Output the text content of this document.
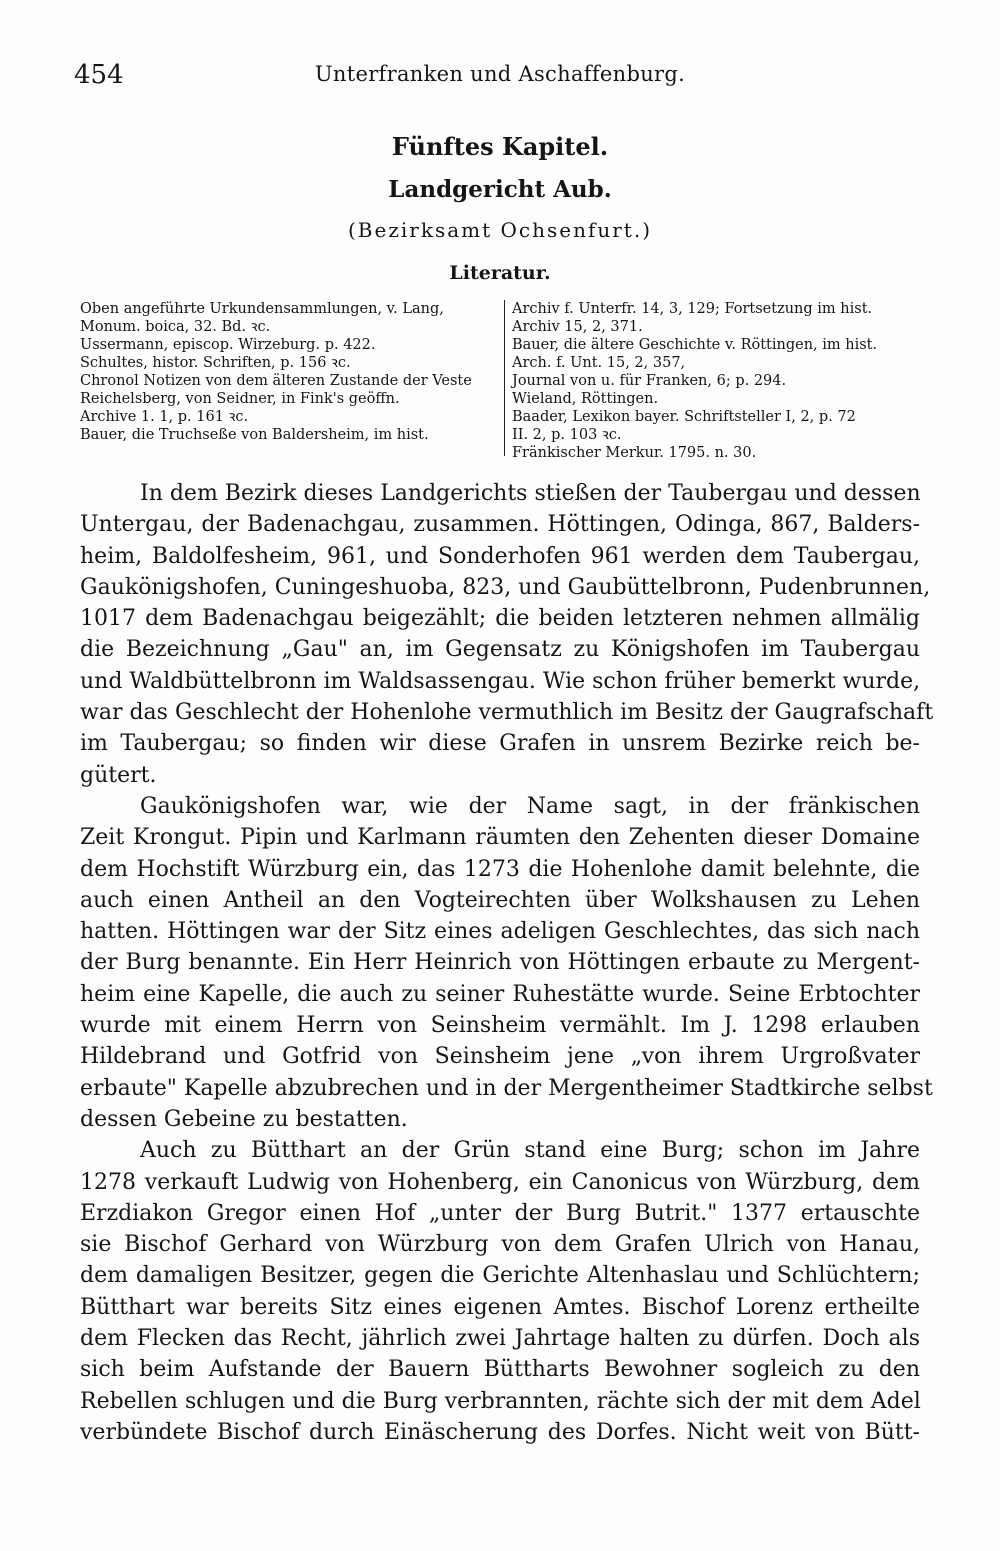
454	Unterfranken und Aschaffenburg.
Fünftes Kapitel.
Landgericht Aub.
(Bezirksamt Ochsenfurt.)
Literatur.
Oben angeführte Urkundensammlungen, v. Lang,
Monum. boica, 32. Bd. ꝛc.
Ussermann, episcop. Wirzeburg. p. 422.
Schultes, histor. Schriften, p. 156 ꝛc.
Chronol Notizen von dem älteren Zustande der Veste
Reichelsberg, von Seidner, in Fink's geöffn.
Archive 1. 1, p. 161 ꝛc.
Bauer, die Truchseße von Baldersheim, im hist.
Archiv f. Unterfr. 14, 3, 129; Fortsetzung im hist.
Archiv 15, 2, 371.
Bauer, die ältere Geschichte v. Röttingen, im hist.
Arch. f. Unt. 15, 2, 357,
Journal von u. für Franken, 6; p. 294.
Wieland, Röttingen.
Baader, Lexikon bayer. Schriftsteller I, 2, p. 72
II. 2, p. 103 ꝛc.
Fränkischer Merkur. 1795. n. 30.
In dem Bezirk dieses Landgerichts stießen der Taubergau und dessen
Untergau, der Badenachgau, zusammen. Höttingen, Odinga, 867, Balders-
heim, Baldolfesheim, 961, und Sonderhofen 961 werden dem Taubergau,
Gaukönigshofen, Cuningeshuoba, 823, und Gaubüttelbronn, Pudenbrunnen,
1017 dem Badenachgau beigezählt; die beiden letzteren nehmen allmälig
die Bezeichnung „Gau" an, im Gegensatz zu Königshofen im Taubergau
und Waldbüttelbronn im Waldsassengau. Wie schon früher bemerkt wurde,
war das Geschlecht der Hohenlohe vermuthlich im Besitz der Gaugrafschaft
im Taubergau; so finden wir diese Grafen in unsrem Bezirke reich be-
gütert.
Gaukönigshofen war, wie der Name sagt, in der fränkischen
Zeit Krongut. Pipin und Karlmann räumten den Zehenten dieser Domaine
dem Hochstift Würzburg ein, das 1273 die Hohenlohe damit belehnte, die
auch einen Antheil an den Vogteirechten über Wolkshausen zu Lehen
hatten. Höttingen war der Sitz eines adeligen Geschlechtes, das sich nach
der Burg benannte. Ein Herr Heinrich von Höttingen erbaute zu Mergent-
heim eine Kapelle, die auch zu seiner Ruhestätte wurde. Seine Erbtochter
wurde mit einem Herrn von Seinsheim vermählt. Im J. 1298 erlauben
Hildebrand und Gotfrid von Seinsheim jene „von ihrem Urgroßvater
erbaute" Kapelle abzubrechen und in der Mergentheimer Stadtkirche selbst
dessen Gebeine zu bestatten.
Auch zu Bütthart an der Grün stand eine Burg; schon im Jahre
1278 verkauft Ludwig von Hohenberg, ein Canonicus von Würzburg, dem
Erzdiakon Gregor einen Hof „unter der Burg Butrit." 1377 ertauschte
sie Bischof Gerhard von Würzburg von dem Grafen Ulrich von Hanau,
dem damaligen Besitzer, gegen die Gerichte Altenhaslau und Schlüchtern;
Bütthart war bereits Sitz eines eigenen Amtes. Bischof Lorenz ertheilte
dem Flecken das Recht, jährlich zwei Jahrtage halten zu dürfen. Doch als
sich beim Aufstande der Bauern Büttharts Bewohner sogleich zu den
Rebellen schlugen und die Burg verbrannten, rächte sich der mit dem Adel
verbündete Bischof durch Einäscherung des Dorfes. Nicht weit von Bütt-
